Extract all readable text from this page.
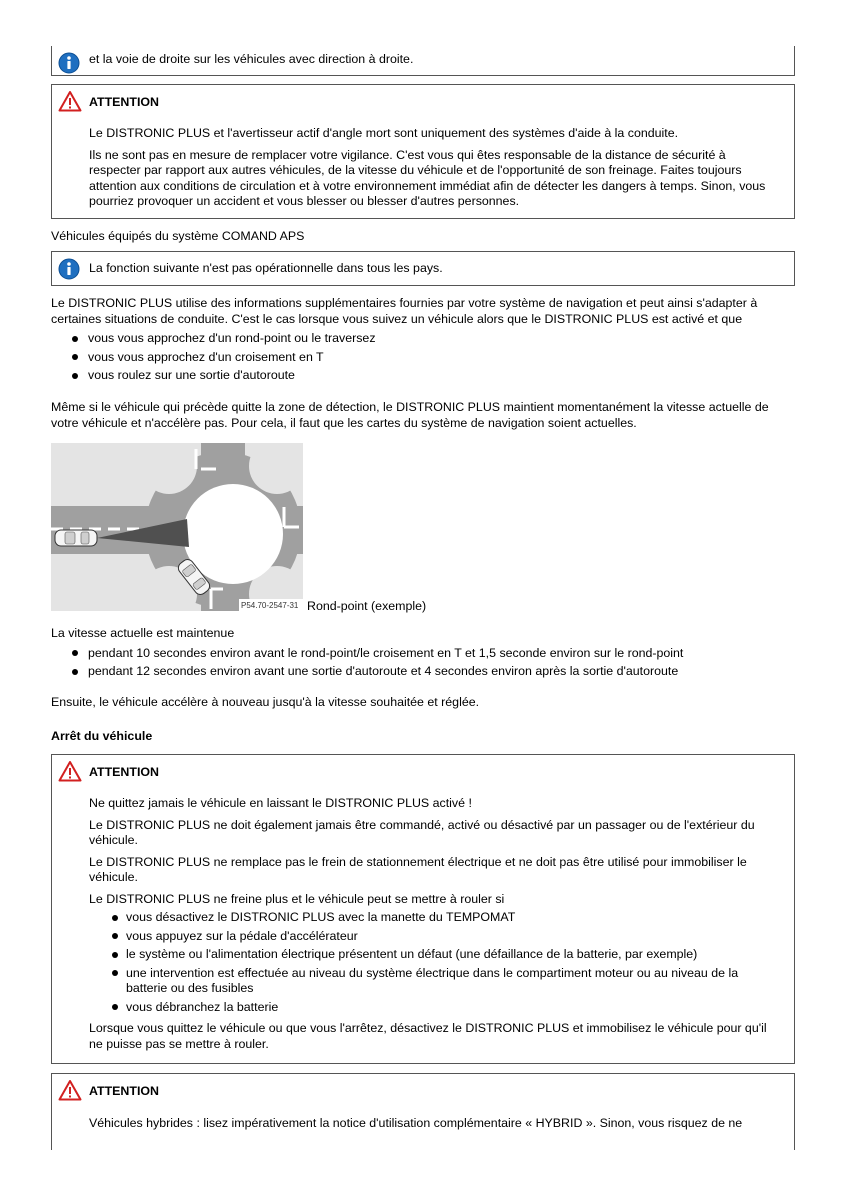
et la voie de droite sur les véhicules avec direction à droite.
ATTENTION

Le DISTRONIC PLUS et l'avertisseur actif d'angle mort sont uniquement des systèmes d'aide à la conduite.

Ils ne sont pas en mesure de remplacer votre vigilance. C'est vous qui êtes responsable de la distance de sécurité à respecter par rapport aux autres véhicules, de la vitesse du véhicule et de l'opportunité de son freinage. Faites toujours attention aux conditions de circulation et à votre environnement immédiat afin de détecter les dangers à temps. Sinon, vous pourriez provoquer un accident et vous blesser ou blesser d'autres personnes.

Véhicules équipés du système COMAND APS
La fonction suivante n'est pas opérationnelle dans tous les pays.

Le DISTRONIC PLUS utilise des informations supplémentaires fournies par votre système de navigation et peut ainsi s'adapter à certaines situations de conduite. C'est le cas lorsque vous suivez un véhicule alors que le DISTRONIC PLUS est activé et que

vous vous approchez d'un rond-point ou le traversez
vous vous approchez d'un croisement en T
vous roulez sur une sortie d'autoroute
Même si le véhicule qui précède quitte la zone de détection, le DISTRONIC PLUS maintient momentanément la vitesse actuelle de votre véhicule et n'accélère pas. Pour cela, il faut que les cartes du système de navigation soient actuelles.
P54.70-2547-31 Rond-point (exemple)

La vitesse actuelle est maintenue

pendant 10 secondes environ avant le rond-point/le croisement en T et 1,5 seconde environ sur le rond-point
pendant 12 secondes environ avant une sortie d'autoroute et 4 secondes environ après la sortie d'autoroute
Ensuite, le véhicule accélère à nouveau jusqu'à la vitesse souhaitée et réglée.
Arrêt du véhicule
ATTENTION

Ne quittez jamais le véhicule en laissant le DISTRONIC PLUS activé !

Le DISTRONIC PLUS ne doit également jamais être commandé, activé ou désactivé par un passager ou de l'extérieur du véhicule.

Le DISTRONIC PLUS ne remplace pas le frein de stationnement électrique et ne doit pas être utilisé pour immobiliser le véhicule.

Le DISTRONIC PLUS ne freine plus et le véhicule peut se mettre à rouler si

vous désactivez le DISTRONIC PLUS avec la manette du TEMPOMAT
vous appuyez sur la pédale d'accélérateur
le système ou l'alimentation électrique présentent un défaut (une défaillance de la batterie, par exemple)
une intervention est effectuée au niveau du système électrique dans le compartiment moteur ou au niveau de la batterie ou des fusibles
vous débranchez la batterie

Lorsque vous quittez le véhicule ou que vous l'arrêtez, désactivez le DISTRONIC PLUS et immobilisez le véhicule pour qu'il ne puisse pas se mettre à rouler.

ATTENTION
Véhicules hybrides : lisez impérativement la notice d'utilisation complémentaire « HYBRID ». Sinon, vous risquez de ne
